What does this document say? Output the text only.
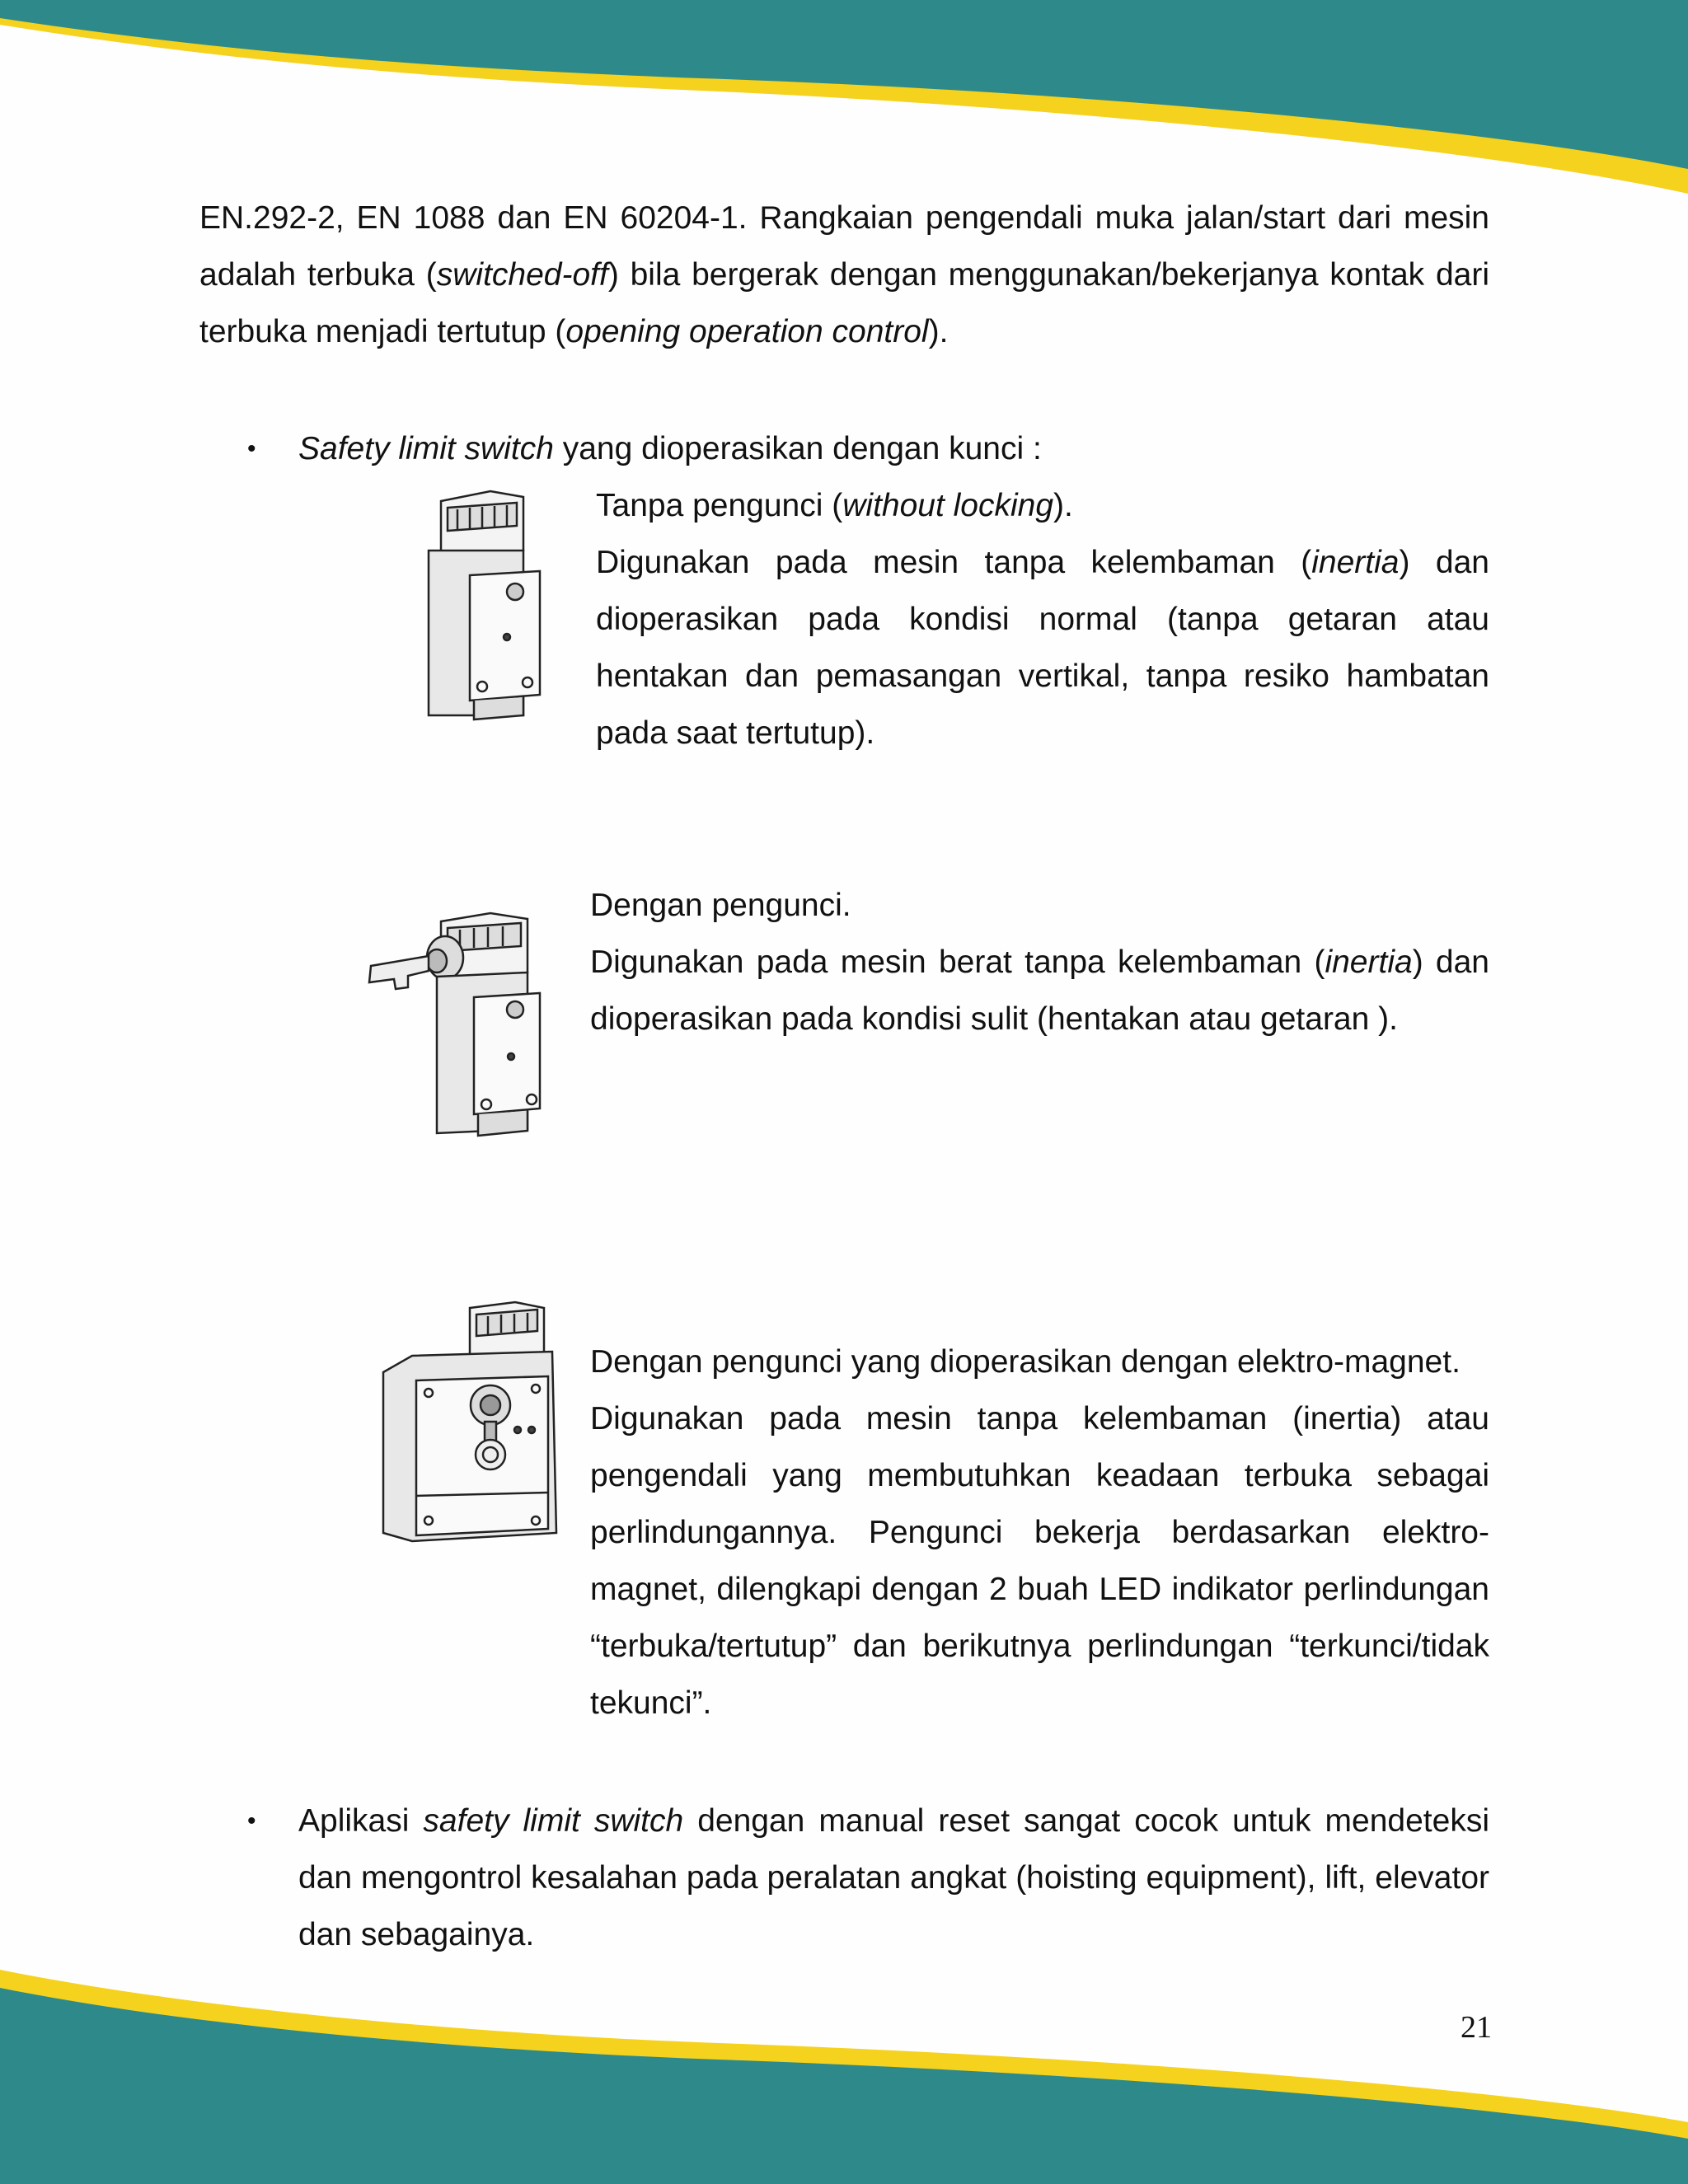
EN.292-2, EN 1088 dan EN 60204-1. Rangkaian pengendali muka jalan/start dari mesin adalah terbuka (switched-off) bila bergerak dengan menggunakan/bekerjanya kontak dari terbuka menjadi tertutup (opening operation control).
• Safety limit switch yang dioperasikan dengan kunci :
Tanpa pengunci (without locking).
Digunakan pada mesin tanpa kelembaman (inertia) dan dioperasikan pada kondisi normal (tanpa getaran atau hentakan dan pemasangan vertikal, tanpa resiko hambatan pada saat tertutup).
Dengan pengunci.
Digunakan pada mesin berat tanpa kelembaman (inertia) dan dioperasikan pada kondisi sulit (hentakan atau getaran ).
Dengan pengunci yang dioperasikan dengan elektro-magnet.
Digunakan pada mesin tanpa kelembaman (inertia) atau pengendali yang membutuhkan keadaan terbuka sebagai perlindungannya. Pengunci bekerja berdasarkan elektro-magnet, dilengkapi dengan 2 buah LED indikator perlindungan “terbuka/tertutup” dan berikutnya perlindungan “terkunci/tidak tekunci”.
• Aplikasi safety limit switch dengan manual reset sangat cocok untuk mendeteksi dan mengontrol kesalahan pada peralatan angkat (hoisting equipment), lift, elevator dan sebagainya.
21
